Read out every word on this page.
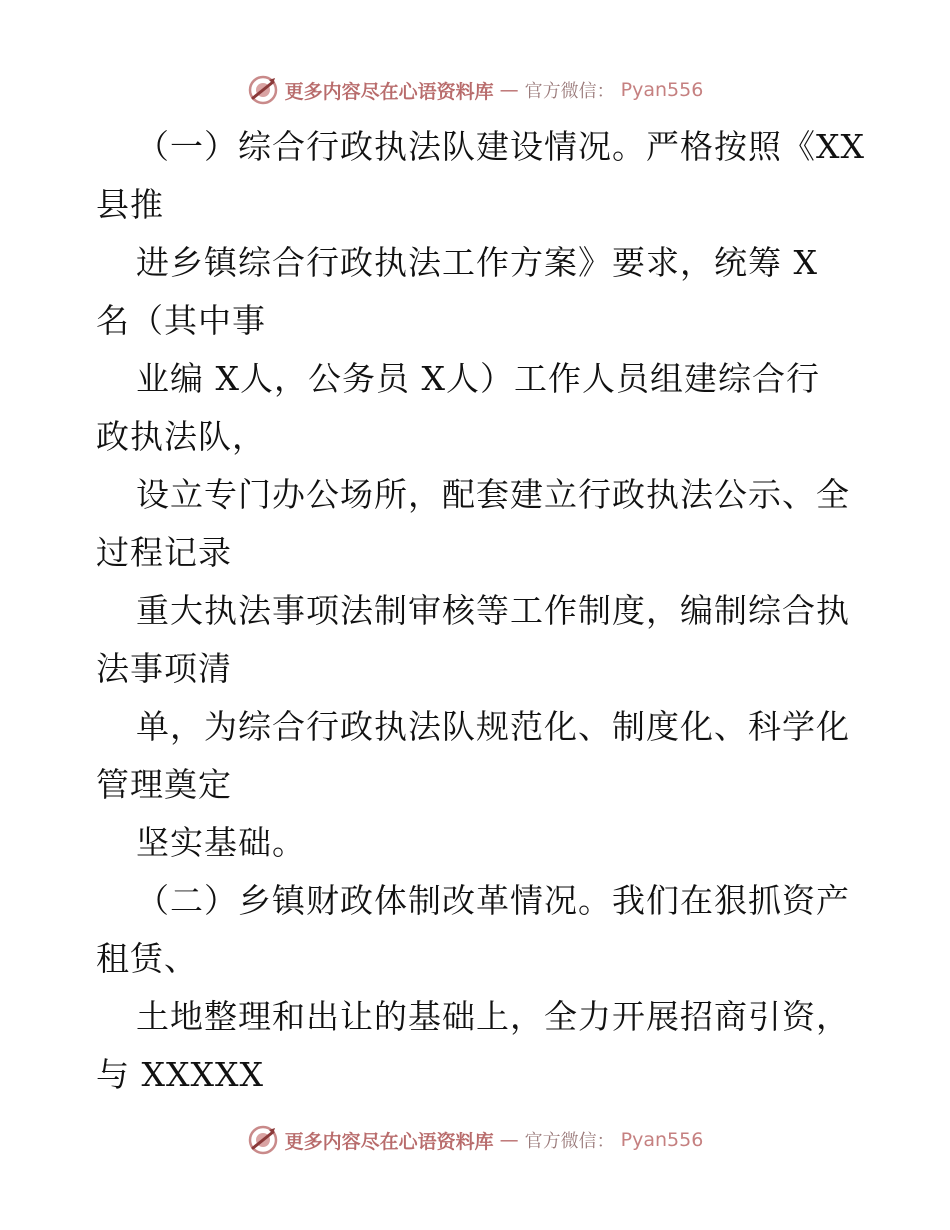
更多内容尽在心语资料库 — 官方微信： Pyan556
（一）综合行政执法队建设情况。严格按照《XX
县推
进乡镇综合行政执法工作方案》要求，统筹 X
名（其中事
业编 X人，公务员 X人）工作人员组建综合行
政执法队，
设立专门办公场所，配套建立行政执法公示、全
过程记录
重大执法事项法制审核等工作制度，编制综合执
法事项清
单，为综合行政执法队规范化、制度化、科学化
管理奠定
坚实基础。
（二）乡镇财政体制改革情况。我们在狠抓资产
租赁、
土地整理和出让的基础上，全力开展招商引资，
与 XXXXX
更多内容尽在心语资料库 — 官方微信： Pyan556
